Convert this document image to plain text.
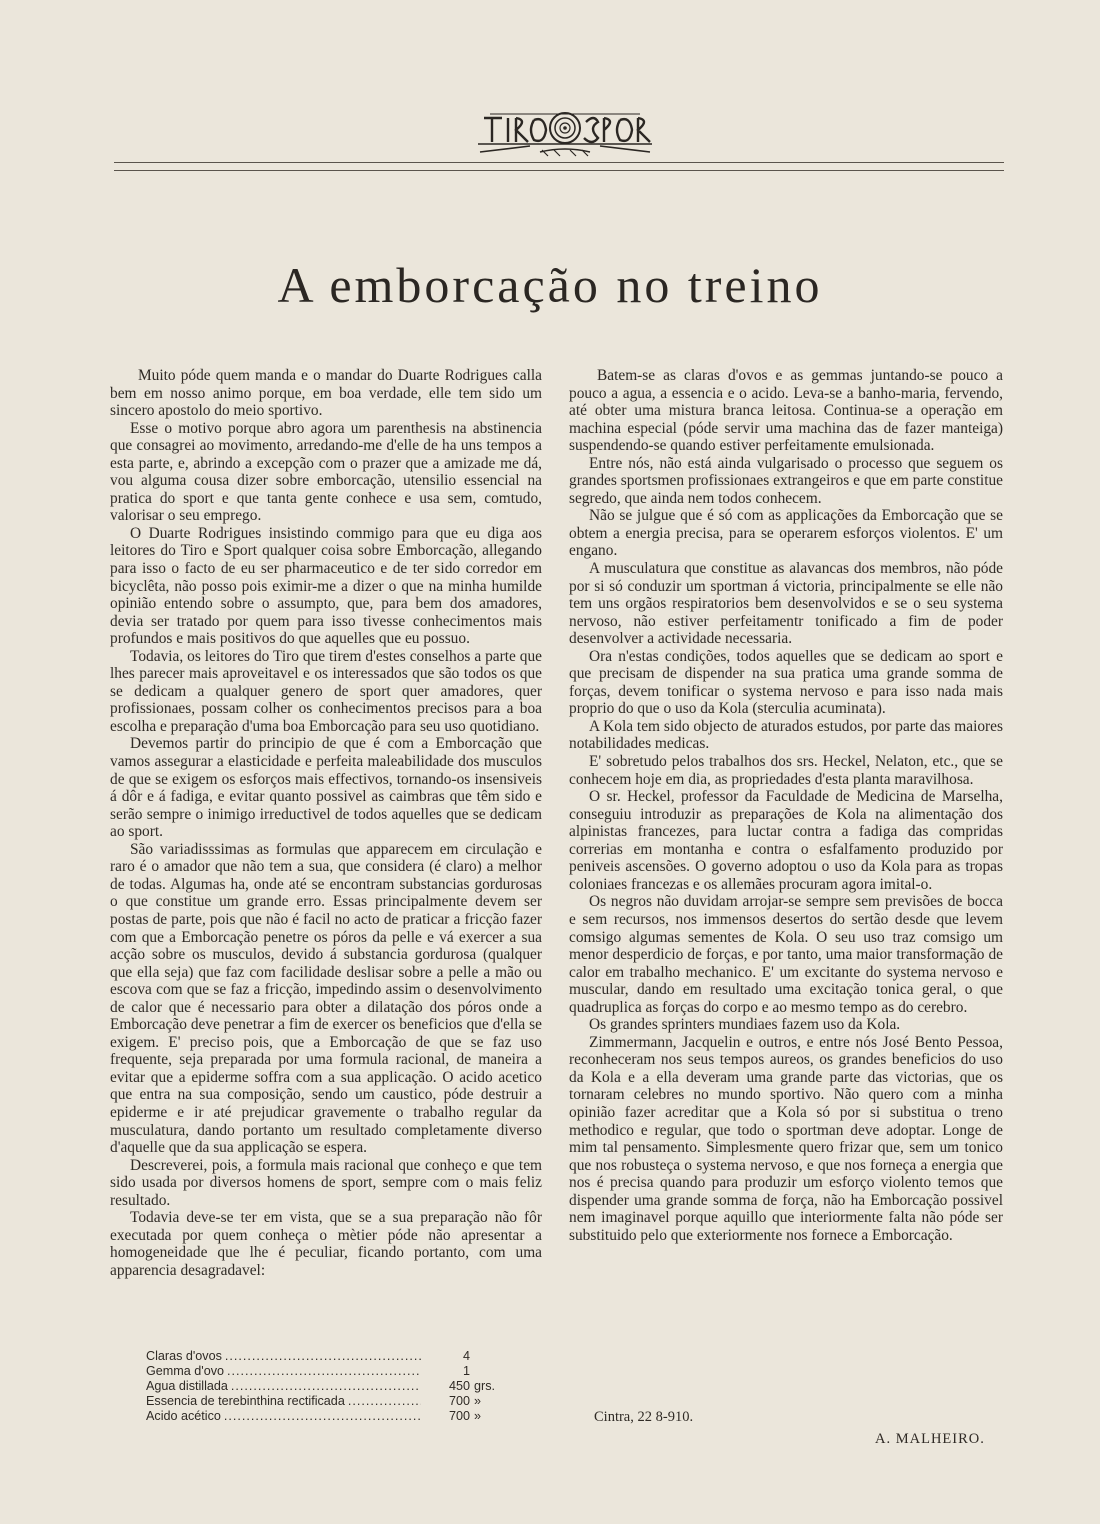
A emborcação no treino

Muito póde quem manda e o mandar do Duarte Rodrigues calla bem em nosso animo porque, em boa verdade, elle tem sido um sincero apostolo do meio sportivo.

Esse o motivo porque abro agora um parenthesis na abstinencia que consagrei ao movimento, arredando-me d'elle de ha uns tempos a esta parte, e, abrindo a excepção com o prazer que a amizade me dá, vou alguma cousa dizer sobre emborcação, utensilio essencial na pratica do sport e que tanta gente conhece e usa sem, comtudo, valorisar o seu emprego.

O Duarte Rodrigues insistindo commigo para que eu diga aos leitores do Tiro e Sport qualquer coisa sobre Emborcação, allegando para isso o facto de eu ser pharmaceutico e de ter sido corredor em bicyclêta, não posso pois eximir-me a dizer o que na minha humilde opinião entendo sobre o assumpto, que, para bem dos amadores, devia ser tratado por quem para isso tivesse conhecimentos mais profundos e mais positivos do que aquelles que eu possuo.

Todavia, os leitores do Tiro que tirem d'estes conselhos a parte que lhes parecer mais aproveitavel e os interessados que são todos os que se dedicam a qualquer genero de sport quer amadores, quer profissionaes, possam colher os conhecimentos precisos para a boa escolha e preparação d'uma boa Emborcação para seu uso quotidiano.

Devemos partir do principio de que é com a Emborcação que vamos assegurar a elasticidade e perfeita maleabilidade dos musculos de que se exigem os esforços mais effectivos, tornando-os insensiveis á dôr e á fadiga, e evitar quanto possivel as caimbras que têm sido e serão sempre o inimigo irreductivel de todos aquelles que se dedicam ao sport.

São variadisssimas as formulas que apparecem em circulação e raro é o amador que não tem a sua, que considera (é claro) a melhor de todas. Algumas ha, onde até se encontram substancias gordurosas o que constitue um grande erro. Essas principalmente devem ser postas de parte, pois que não é facil no acto de praticar a fricção fazer com que a Emborcação penetre os póros da pelle e vá exercer a sua acção sobre os musculos, devido á substancia gordurosa (qualquer que ella seja) que faz com facilidade deslisar sobre a pelle a mão ou escova com que se faz a fricção, impedindo assim o desenvolvimento de calor que é necessario para obter a dilatação dos póros onde a Emborcação deve penetrar a fim de exercer os beneficios que d'ella se exigem. E' preciso pois, que a Emborcação de que se faz uso frequente, seja preparada por uma formula racional, de maneira a evitar que a epiderme soffra com a sua applicação. O acido acetico que entra na sua composição, sendo um caustico, póde destruir a epiderme e ir até prejudicar gravemente o trabalho regular da musculatura, dando portanto um resultado completamente diverso d'aquelle que da sua applicação se espera.

Descreverei, pois, a formula mais racional que conheço e que tem sido usada por diversos homens de sport, sempre com o mais feliz resultado.

Todavia deve-se ter em vista, que se a sua preparação não fôr executada por quem conheça o mètier póde não apresentar a homogeneidade que lhe é peculiar, ficando portanto, com uma apparencia desagradavel:

Claras d'ovos .....	4
Gemma d'ovo .....	1
Agua distillada .....	450 grs.
Essencia de terebinthina rectificada .....	700 »
Acido acético .....	700 »

Batem-se as claras d'ovos e as gemmas juntando-se pouco a pouco a agua, a essencia e o acido. Leva-se a banho-maria, fervendo, até obter uma mistura branca leitosa. Continua-se a operação em machina especial (póde servir uma machina das de fazer manteiga) suspendendo-se quando estiver perfeitamente emulsionada.

Entre nós, não está ainda vulgarisado o processo que seguem os grandes sportsmen profissionaes extrangeiros e que em parte constitue segredo, que ainda nem todos conhecem.

Não se julgue que é só com as applicações da Emborcação que se obtem a energia precisa, para se operarem esforços violentos. E' um engano.

A musculatura que constitue as alavancas dos membros, não póde por si só conduzir um sportman á victoria, principalmente se elle não tem uns orgãos respiratorios bem desenvolvidos e se o seu systema nervoso, não estiver perfeitamentr tonificado a fim de poder desenvolver a actividade necessaria.

Ora n'estas condições, todos aquelles que se dedicam ao sport e que precisam de dispender na sua pratica uma grande somma de forças, devem tonificar o systema nervoso e para isso nada mais proprio do que o uso da Kola (sterculia acuminata).

A Kola tem sido objecto de aturados estudos, por parte das maiores notabilidades medicas.

E' sobretudo pelos trabalhos dos srs. Heckel, Nelaton, etc., que se conhecem hoje em dia, as propriedades d'esta planta maravilhosa.

O sr. Heckel, professor da Faculdade de Medicina de Marselha, conseguiu introduzir as preparações de Kola na alimentação dos alpinistas francezes, para luctar contra a fadiga das compridas correrias em montanha e contra o esfalfamento produzido por peniveis ascensões. O governo adoptou o uso da Kola para as tropas coloniaes francezas e os allemães procuram agora imital-o.

Os negros não duvidam arrojar-se sempre sem previsões de bocca e sem recursos, nos immensos desertos do sertão desde que levem comsigo algumas sementes de Kola. O seu uso traz comsigo um menor desperdicio de forças, e por tanto, uma maior transformação de calor em trabalho mechanico. E' um excitante do systema nervoso e muscular, dando em resultado uma excitação tonica geral, o que quadruplica as forças do corpo e ao mesmo tempo as do cerebro.

Os grandes sprinters mundiaes fazem uso da Kola.

Zimmermann, Jacquelin e outros, e entre nós José Bento Pessoa, reconheceram nos seus tempos aureos, os grandes beneficios do uso da Kola e a ella deveram uma grande parte das victorias, que os tornaram celebres no mundo sportivo. Não quero com a minha opinião fazer acreditar que a Kola só por si substitua o treno methodico e regular, que todo o sportman deve adoptar. Longe de mim tal pensamento. Simplesmente quero frizar que, sem um tonico que nos robusteça o systema nervoso, e que nos forneça a energia que nos é precisa quando para produzir um esforço violento temos que dispender uma grande somma de força, não ha Emborcação possivel nem imaginavel porque aquillo que interiormente falta não póde ser substituido pelo que exteriormente nos fornece a Emborcação.

Cintra, 22 8-910.
A. MALHEIRO.
